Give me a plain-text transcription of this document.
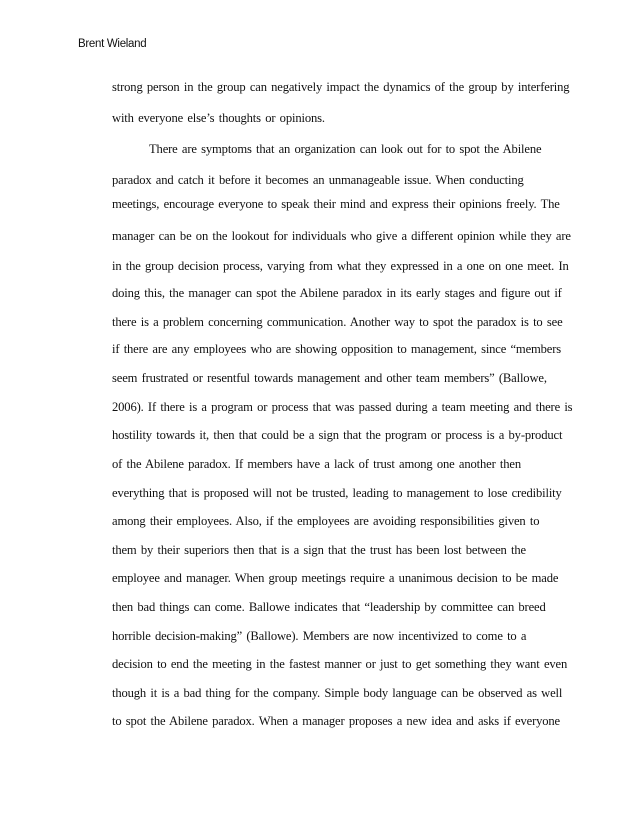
Brent Wieland
strong person in the group can negatively impact the dynamics of the group by interfering
with everyone else’s thoughts or opinions.
There are symptoms that an organization can look out for to spot the Abilene
paradox and catch it before it becomes an unmanageable issue. When conducting
meetings, encourage everyone to speak their mind and express their opinions freely. The
manager can be on the lookout for individuals who give a different opinion while they are
in the group decision process, varying from what they expressed in a one on one meet. In
doing this, the manager can spot the Abilene paradox in its early stages and figure out if
there is a problem concerning communication. Another way to spot the paradox is to see
if there are any employees who are showing opposition to management, since “members
seem frustrated or resentful towards management and other team members” (Ballowe,
2006). If there is a program or process that was passed during a team meeting and there is
hostility towards it, then that could be a sign that the program or process is a by-product
of the Abilene paradox. If members have a lack of trust among one another then
everything that is proposed will not be trusted, leading to management to lose credibility
among their employees. Also, if the employees are avoiding responsibilities given to
them by their superiors then that is a sign that the trust has been lost between the
employee and manager. When group meetings require a unanimous decision to be made
then bad things can come. Ballowe indicates that “leadership by committee can breed
horrible decision-making” (Ballowe). Members are now incentivized to come to a
decision to end the meeting in the fastest manner or just to get something they want even
though it is a bad thing for the company. Simple body language can be observed as well
to spot the Abilene paradox. When a manager proposes a new idea and asks if everyone
